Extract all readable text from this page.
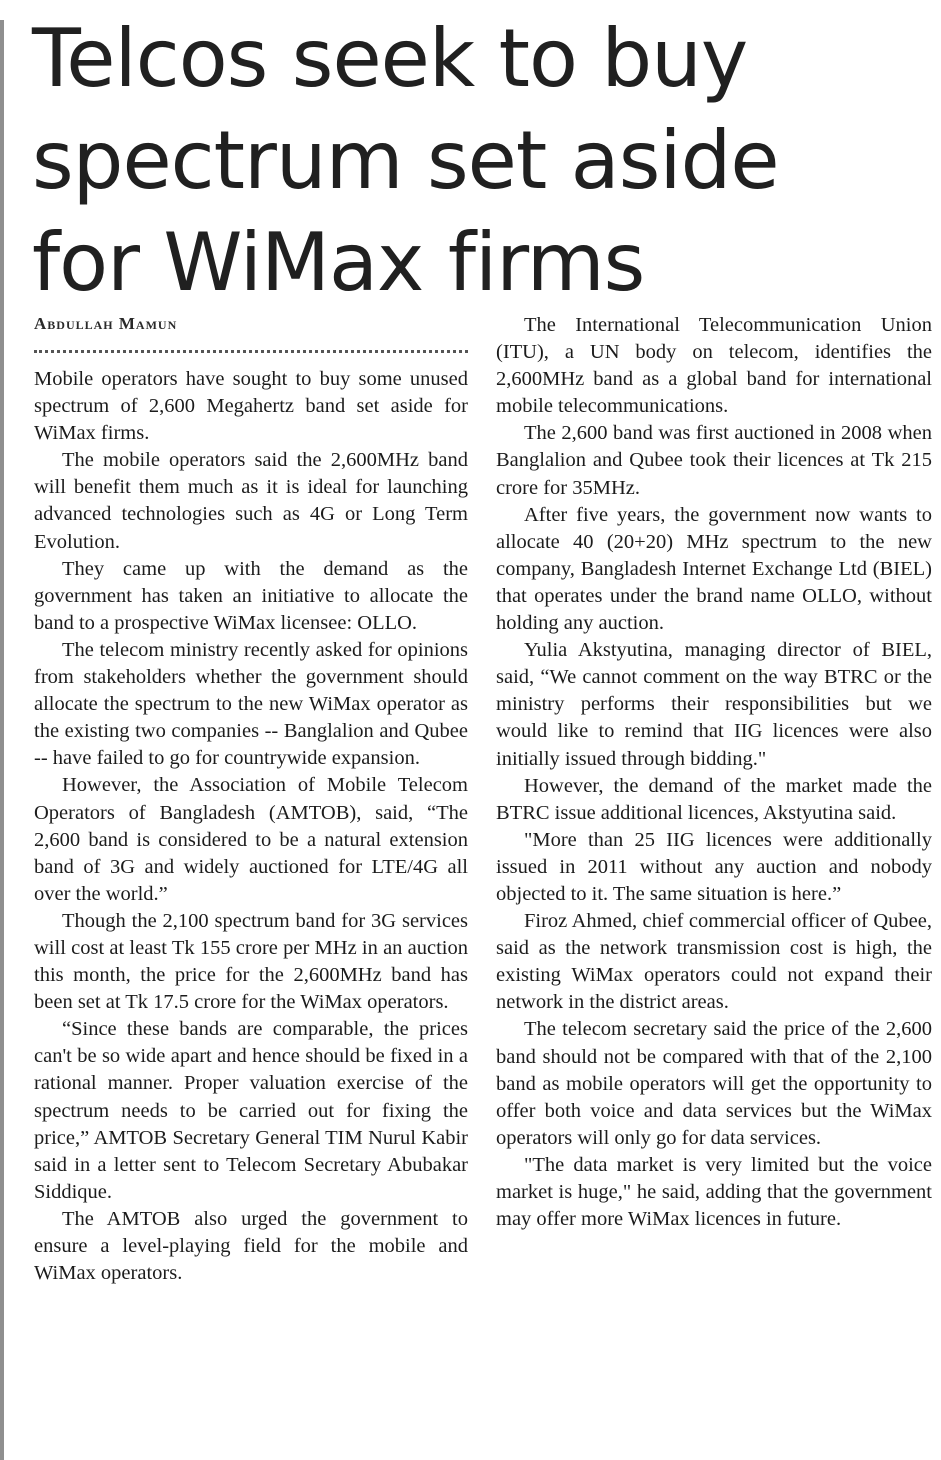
Telcos seek to buy
spectrum set aside
for WiMax firms
Abdullah Mamun

Mobile operators have sought to buy some unused spectrum of 2,600 Megahertz band set aside for WiMax firms.

The mobile operators said the 2,600MHz band will benefit them much as it is ideal for launching advanced technologies such as 4G or Long Term Evolution.

They came up with the demand as the government has taken an initiative to allocate the band to a prospective WiMax licensee: OLLO.

The telecom ministry recently asked for opinions from stakeholders whether the government should allocate the spectrum to the new WiMax operator as the existing two companies -- Banglalion and Qubee -- have failed to go for countrywide expansion.

However, the Association of Mobile Telecom Operators of Bangladesh (AMTOB), said, “The 2,600 band is considered to be a natural extension band of 3G and widely auctioned for LTE/4G all over the world.”

Though the 2,100 spectrum band for 3G services will cost at least Tk 155 crore per MHz in an auction this month, the price for the 2,600MHz band has been set at Tk 17.5 crore for the WiMax operators.

“Since these bands are comparable, the prices can't be so wide apart and hence should be fixed in a rational manner. Proper valuation exercise of the spectrum needs to be carried out for fixing the price,” AMTOB Secretary General TIM Nurul Kabir said in a letter sent to Telecom Secretary Abubakar Siddique.

The AMTOB also urged the government to ensure a level-playing field for the mobile and WiMax operators.

The International Telecommunication Union (ITU), a UN body on telecom, identifies the 2,600MHz band as a global band for international mobile telecommunications.

The 2,600 band was first auctioned in 2008 when Banglalion and Qubee took their licences at Tk 215 crore for 35MHz.

After five years, the government now wants to allocate 40 (20+20) MHz spectrum to the new company, Bangladesh Internet Exchange Ltd (BIEL) that operates under the brand name OLLO, without holding any auction.

Yulia Akstyutina, managing director of BIEL, said, “We cannot comment on the way BTRC or the ministry performs their responsibilities but we would like to remind that IIG licences were also initially issued through bidding."

However, the demand of the market made the BTRC issue additional licences, Akstyutina said.

"More than 25 IIG licences were additionally issued in 2011 without any auction and nobody objected to it. The same situation is here.”

Firoz Ahmed, chief commercial officer of Qubee, said as the network transmission cost is high, the existing WiMax operators could not expand their network in the district areas.

The telecom secretary said the price of the 2,600 band should not be compared with that of the 2,100 band as mobile operators will get the opportunity to offer both voice and data services but the WiMax operators will only go for data services.

"The data market is very limited but the voice market is huge," he said, adding that the government may offer more WiMax licences in future.
